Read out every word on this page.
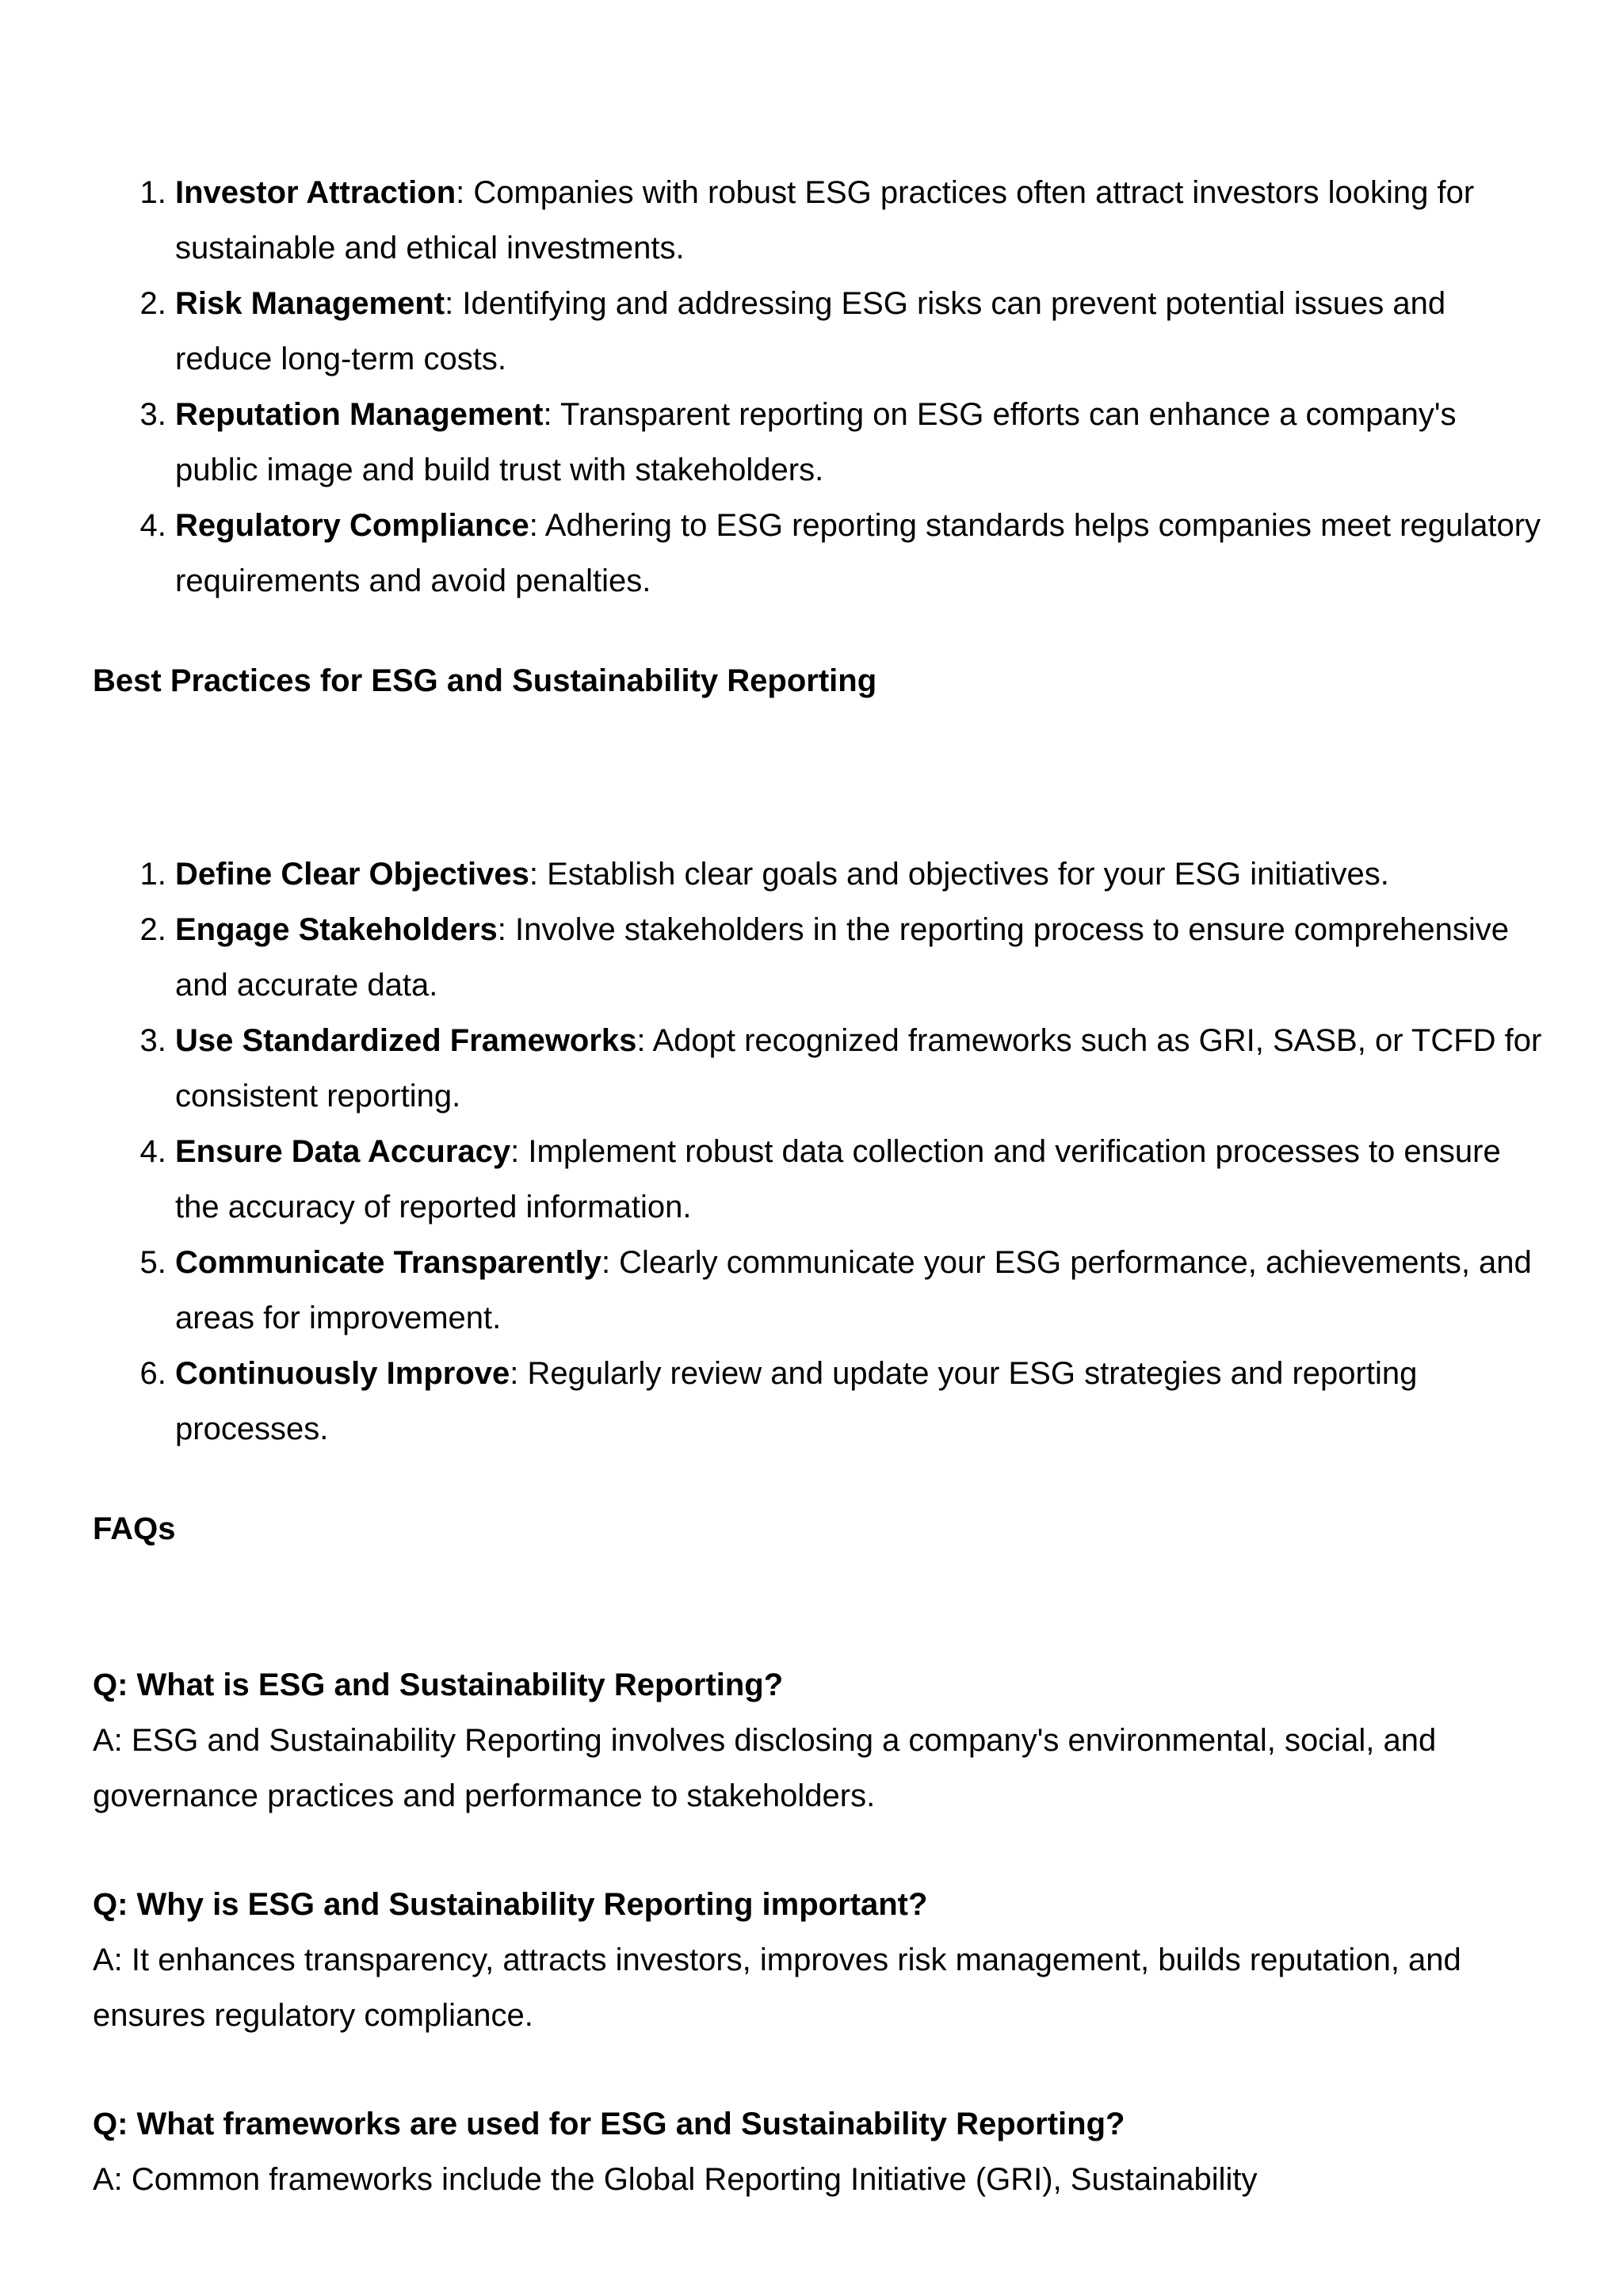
1. Investor Attraction: Companies with robust ESG practices often attract investors looking for sustainable and ethical investments.
2. Risk Management: Identifying and addressing ESG risks can prevent potential issues and reduce long-term costs.
3. Reputation Management: Transparent reporting on ESG efforts can enhance a company's public image and build trust with stakeholders.
4. Regulatory Compliance: Adhering to ESG reporting standards helps companies meet regulatory requirements and avoid penalties.

Best Practices for ESG and Sustainability Reporting

1. Define Clear Objectives: Establish clear goals and objectives for your ESG initiatives.
2. Engage Stakeholders: Involve stakeholders in the reporting process to ensure comprehensive and accurate data.
3. Use Standardized Frameworks: Adopt recognized frameworks such as GRI, SASB, or TCFD for consistent reporting.
4. Ensure Data Accuracy: Implement robust data collection and verification processes to ensure the accuracy of reported information.
5. Communicate Transparently: Clearly communicate your ESG performance, achievements, and areas for improvement.
6. Continuously Improve: Regularly review and update your ESG strategies and reporting processes.

FAQs

Q: What is ESG and Sustainability Reporting?
A: ESG and Sustainability Reporting involves disclosing a company's environmental, social, and governance practices and performance to stakeholders.
Q: Why is ESG and Sustainability Reporting important?
A: It enhances transparency, attracts investors, improves risk management, builds reputation, and ensures regulatory compliance.
Q: What frameworks are used for ESG and Sustainability Reporting?
A: Common frameworks include the Global Reporting Initiative (GRI), Sustainability
